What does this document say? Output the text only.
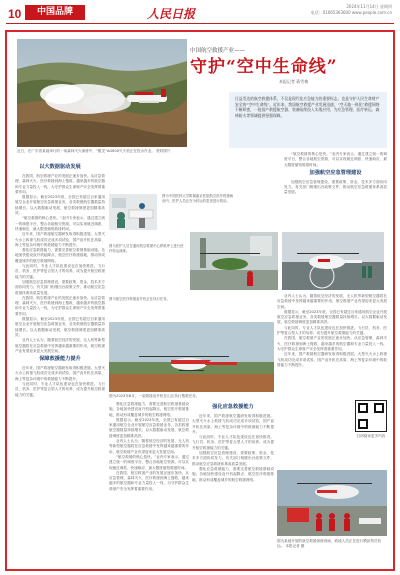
10	中国品牌	人民日报
2024年11月14日 星期四
电话：01065363600 www.people.com.cn
近日，在广东省某地举行的一场森林灭火演练中，“鲲龙”AG600灭火机正在投水作业。 资料图片
中国航空救援产业——
守护“空中生命线”
本报记者 蒋雪梅
日益发达的航空救援体系，不仅是现代化应急能力的重要标志，也是守护人民生命财产安全的“空中生命线”。近年来，我国航空救援产业发展迅速，“空天地一体化”救援网络不断织密，一批国产救援航空器、装备陆续投入实战应用，为应急管理、医疗转运、森林防火等领域提供坚强保障。
以大数据驱动发展

在我国，航空救援产业的发展正逐步加快。从应急管理、森林灭火、医疗救援到海上搜救，越来越多的航空器和专业力量投入一线，为守护群众生命财产安全发挥着重要作用。

数据显示，截至2023年底，全国已有超过百家通用航空企业开展航空应急救援业务，各类救援航空器数量持续增长。以大数据驱动发展，航空救援调度更加精准高效。

“航空救援的核心是快。”业内专家表示，通过建立统一的调度平台，整合各地航空资源，可以实现就近调派、快速响应，最大限度缩短救援时间。

近年来，国产救援航空器研发取得积极进展。大型灭火水上救援飞机成功完成多项试验，国产直升机在高原、海上等复杂环境中的救援能力不断提升。

强化应急救援能力，需要完善航空救援基础设施。各地加快建设直升机起降点、航空医疗救援基地，推动形成覆盖城乡的航空救援网络。

与此同时，专业人才队伍建设也在加快推进。飞行员、机务、医护等复合型人才的培养，成为提升航空救援能力的关键。

加强航空应急管理建设，需要政策、资金、技术多方面协同发力。有关部门相继出台政策文件，推动航空应急救援体系高质量发展。

在我国，航空救援产业的发展正逐步加快。从应急管理、森林灭火、医疗救援到海上搜救，越来越多的航空器和专业力量投入一线，为守护群众生命财产安全发挥着重要作用。

数据显示，截至2023年底，全国已有超过百家通用航空企业开展航空应急救援业务，各类救援航空器数量持续增长。以大数据驱动发展，航空救援调度更加精准高效。

业内人士认为，随着低空经济的发展，无人机等新型航空器将在应急救援中发挥越来越重要的作用，航空救援产业有望迎来更大发展空间。

保障救援能力提升

近年来，国产救援航空器研发取得积极进展。大型灭火水上救援飞机成功完成多项试验，国产直升机在高原、海上等复杂环境中的救援能力不断提升。

与此同时，专业人才队伍建设也在加快推进。飞行员、机务、医护等复合型人才的培养，成为提升航空救援能力的关键。

图为中国医科大学附属盛京医院航空医疗救援病房内，医护人员正在为转运的患者进行救治。
图为医护人员在通用航空救援中心停机坪上进行医疗转运演练。
图为航空医疗救援直升机正在执行任务。
图为2023年8月，一架救援直升机在山区执行搜救任务。
扫码阅读更多内容

“航空救援的核心是快。”业内专家表示，通过建立统一的调度平台，整合各地航空资源，可以实现就近调派、快速响应，最大限度缩短救援时间。

加强航空应急管理建设

加强航空应急管理建设，需要政策、资金、技术多方面协同发力。有关部门相继出台政策文件，推动航空应急救援体系高质量发展。

强化应急救援能力，需要完善航空救援基础设施。各地加快建设直升机起降点、航空医疗救援基地，推动形成覆盖城乡的航空救援网络。

数据显示，截至2023年底，全国已有超过百家通用航空企业开展航空应急救援业务，各类救援航空器数量持续增长。以大数据驱动发展，航空救援调度更加精准高效。

业内人士认为，随着低空经济的发展，无人机等新型航空器将在应急救援中发挥越来越重要的作用，航空救援产业有望迎来更大发展空间。

“航空救援的核心是快。”业内专家表示，通过建立统一的调度平台，整合各地航空资源，可以实现就近调派、快速响应，最大限度缩短救援时间。

在我国，航空救援产业的发展正逐步加快。从应急管理、森林灭火、医疗救援到海上搜救，越来越多的航空器和专业力量投入一线，为守护群众生命财产安全发挥着重要作用。

强化应急救援能力

近年来，国产救援航空器研发取得积极进展。大型灭火水上救援飞机成功完成多项试验，国产直升机在高原、海上等复杂环境中的救援能力不断提升。

与此同时，专业人才队伍建设也在加快推进。飞行员、机务、医护等复合型人才的培养，成为提升航空救援能力的关键。

加强航空应急管理建设，需要政策、资金、技术多方面协同发力。有关部门相继出台政策文件，推动航空应急救援体系高质量发展。

强化应急救援能力，需要完善航空救援基础设施。各地加快建设直升机起降点、航空医疗救援基地，推动形成覆盖城乡的航空救援网络。

业内人士认为，随着低空经济的发展，无人机等新型航空器将在应急救援中发挥越来越重要的作用，航空救援产业有望迎来更大发展空间。

数据显示，截至2023年底，全国已有超过百家通用航空企业开展航空应急救援业务，各类救援航空器数量持续增长。以大数据驱动发展，航空救援调度更加精准高效。

与此同时，专业人才队伍建设也在加快推进。飞行员、机务、医护等复合型人才的培养，成为提升航空救援能力的关键。

在我国，航空救援产业的发展正逐步加快。从应急管理、森林灭火、医疗救援到海上搜救，越来越多的航空器和专业力量投入一线，为守护群众生命财产安全发挥着重要作用。

近年来，国产救援航空器研发取得积极进展。大型灭火水上救援飞机成功完成多项试验，国产直升机在高原、海上等复杂环境中的救援能力不断提升。

图为某地开展的航空救援演练现场，救援人员正在进行模拟伤员转运。 本报记者 摄
